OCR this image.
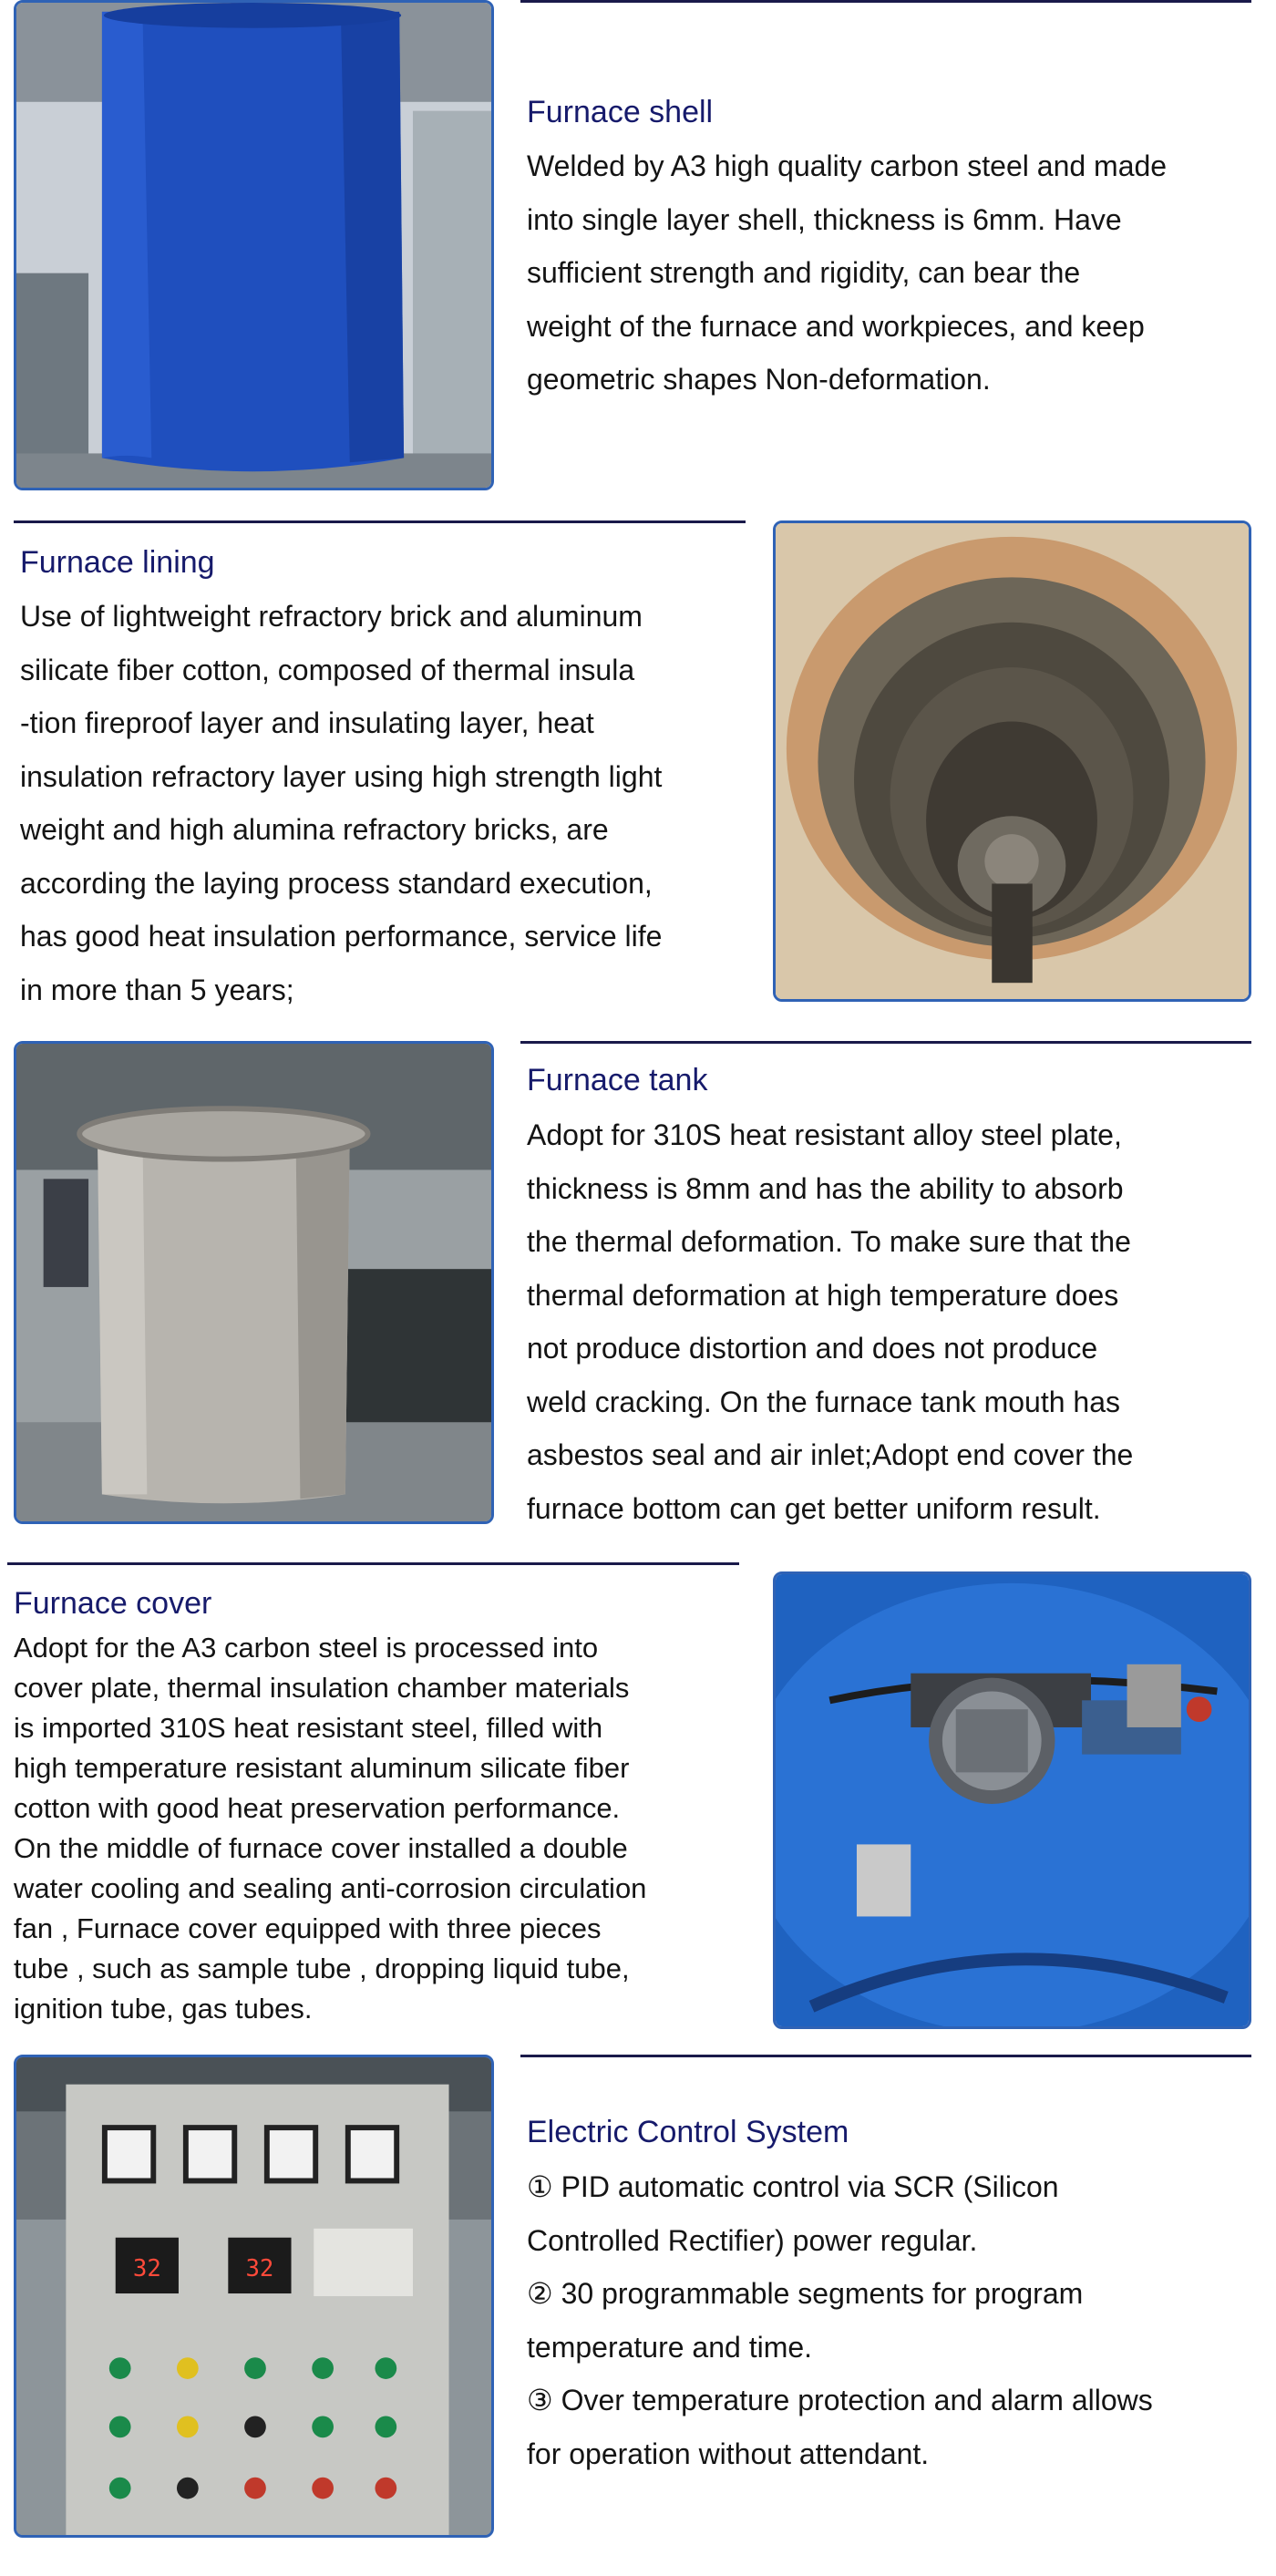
Furnace shell

Welded by A3 high quality carbon steel and made
into single layer shell, thickness is 6mm. Have
sufficient strength and rigidity, can bear the
weight of the furnace and workpieces, and keep
geometric shapes Non-deformation.

Furnace lining

Use of lightweight refractory brick and aluminum
silicate fiber cotton, composed of thermal insula
-tion fireproof layer and insulating layer, heat
insulation refractory layer using high strength light
weight and high alumina refractory bricks, are
according the laying process standard execution,
has good heat insulation performance, service life
in more than 5 years;

Furnace tank

Adopt for 310S heat resistant alloy steel plate,
thickness is 8mm and has the ability to absorb
the thermal deformation. To make sure that the
thermal deformation at high temperature does
not produce distortion and does not produce
weld cracking. On the furnace tank mouth has
asbestos seal and air inlet;Adopt end cover the
furnace bottom can get better uniform result.

Furnace cover

Adopt for the A3 carbon steel is processed into
cover plate, thermal insulation chamber materials
is imported 310S heat resistant steel, filled with
high temperature resistant aluminum silicate fiber
cotton with good heat preservation performance.
On the middle of furnace cover installed a double
water cooling and sealing anti-corrosion circulation
fan , Furnace cover equipped with three pieces
tube , such as sample tube , dropping liquid tube,
ignition tube, gas tubes.

32	32
Electric Control System

① PID automatic control via SCR (Silicon
Controlled Rectifier) power regular.
② 30 programmable segments for program
temperature and time.
③ Over temperature protection and alarm allows
for operation without attendant.
